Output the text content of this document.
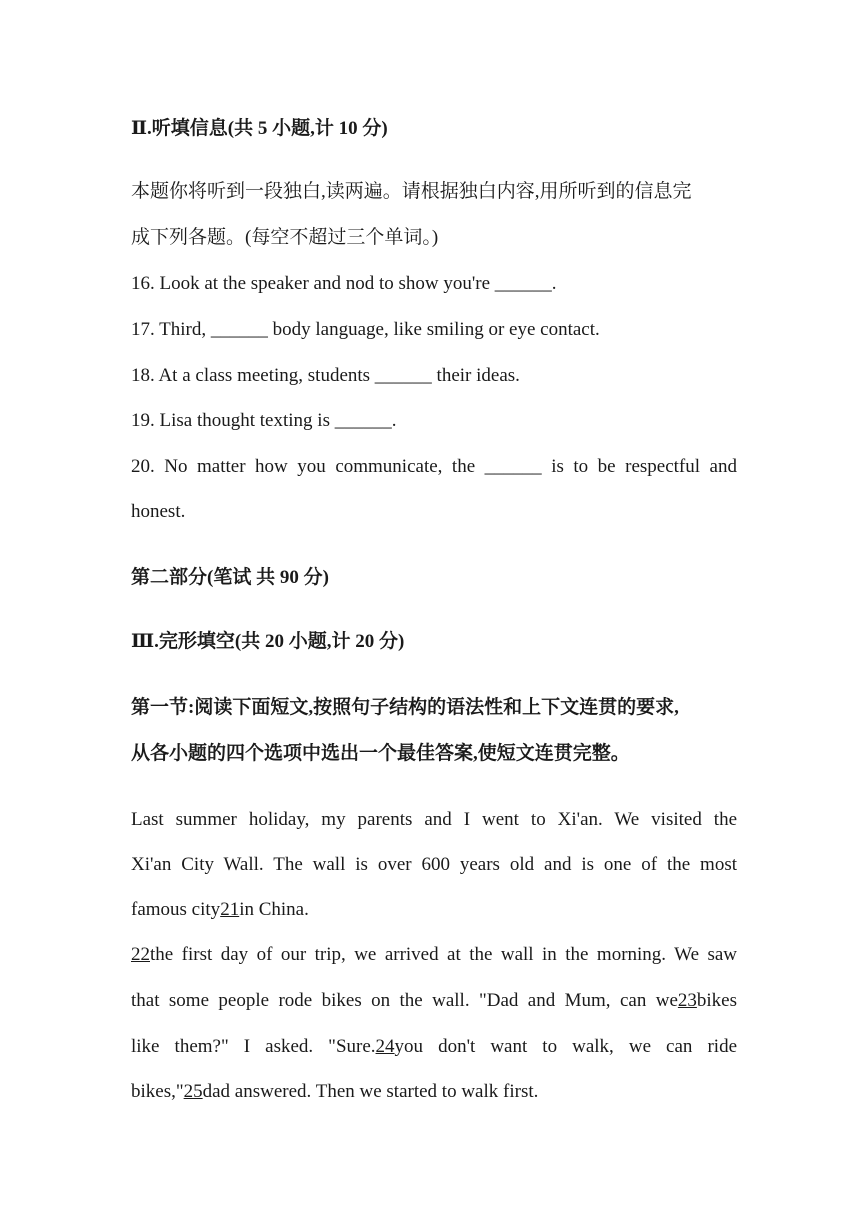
Ⅱ.听填信息(共 5 小题,计 10 分)
本题你将听到一段独白,读两遍。请根据独白内容,用所听到的信息完
成下列各题。(每空不超过三个单词。)
16. Look at the speaker and nod to show you're ______.
17. Third, ______ body language, like smiling or eye contact.
18. At a class meeting, students ______ their ideas.
19. Lisa thought texting is ______.
20. No matter how you communicate, the ______ is to be respectful and
honest.
第二部分(笔试 共 90 分)
Ⅲ.完形填空(共 20 小题,计 20 分)
第一节:阅读下面短文,按照句子结构的语法性和上下文连贯的要求,
从各小题的四个选项中选出一个最佳答案,使短文连贯完整。
Last summer holiday, my parents and I went to Xi'an. We visited the
Xi'an City Wall. The wall is over 600 years old and is one of the most
famous city21in China.
22the first day of our trip, we arrived at the wall in the morning. We saw
that some people rode bikes on the wall. "Dad and Mum, can we23bikes
like them?" I asked. "Sure.24you don't want to walk, we can ride
bikes,"25dad answered. Then we started to walk first.
